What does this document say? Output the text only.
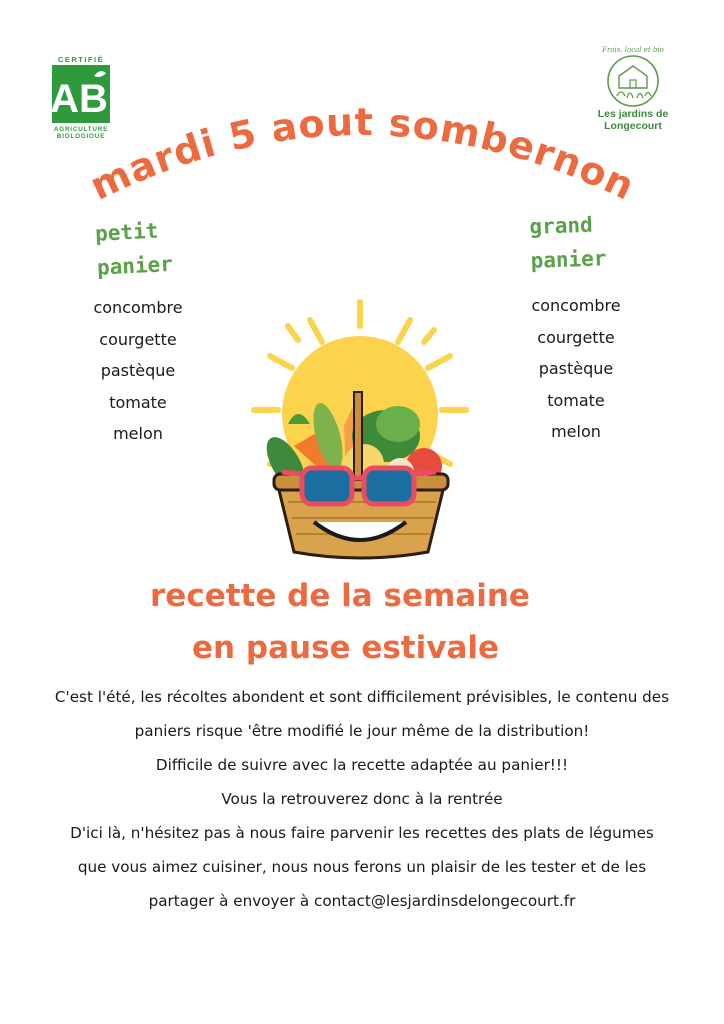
CERTIFIÉ
AB
AGRICULTURE
BIOLOGIQUE
Frais, local et bio
Les jardins de
Longecourt
mardi 5 aout sombernon
petit
panier
concombre
courgette
pastèque
tomate
melon
grand
panier
concombre
courgette
pastèque
tomate
melon
recette de la semaine
en pause estivale

C'est l'été, les récoltes abondent et sont difficilement prévisibles, le contenu des

paniers risque 'être modifié le jour même de la distribution!

Difficile de suivre avec la recette adaptée au panier!!!

Vous la retrouverez donc à la rentrée

D'ici là, n'hésitez pas à nous faire parvenir les recettes des plats de légumes

que vous aimez cuisiner, nous nous ferons un plaisir de les tester et de les

partager à envoyer à contact@lesjardinsdelongecourt.fr
